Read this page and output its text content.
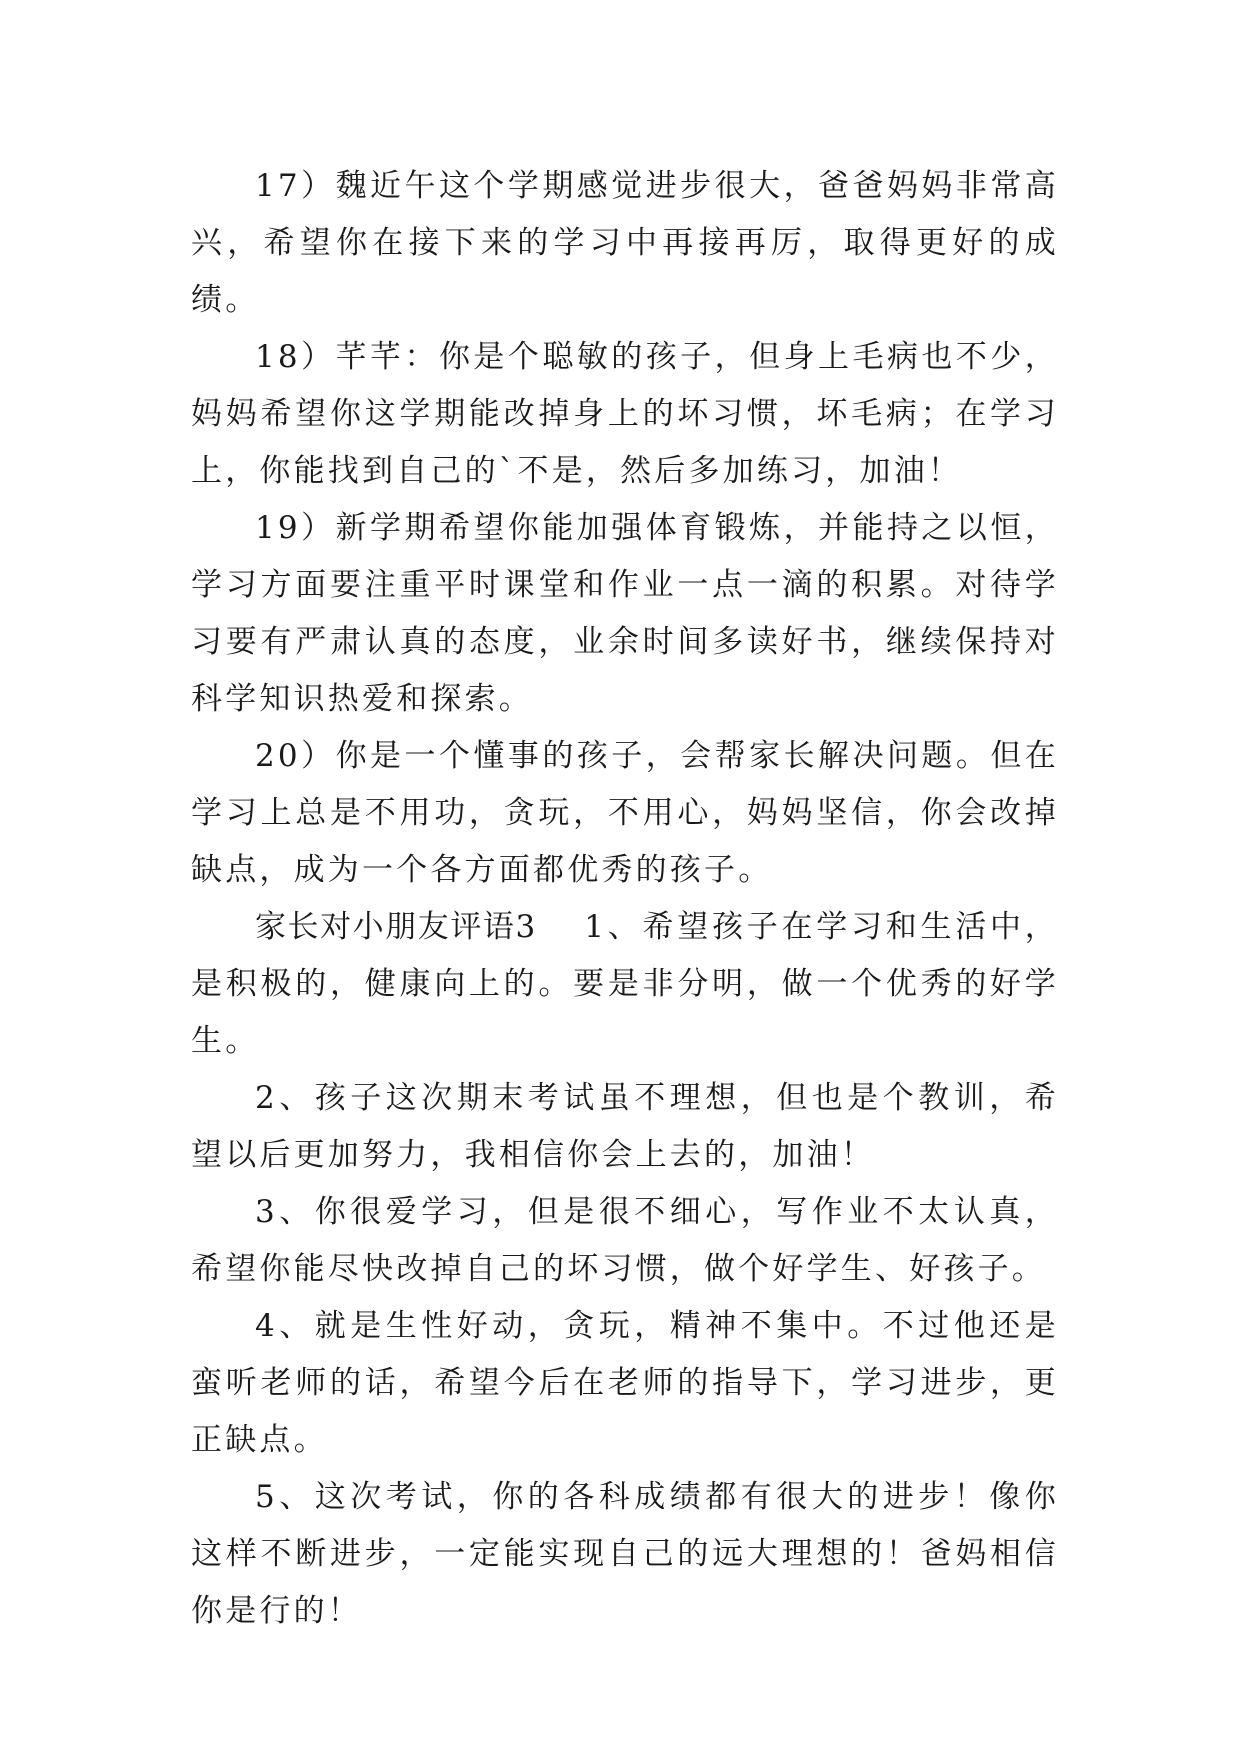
17）魏近午这个学期感觉进步很大，爸爸妈妈非常高兴，希望你在接下来的学习中再接再厉，取得更好的成绩。

18）芊芊：你是个聪敏的孩子，但身上毛病也不少，妈妈希望你这学期能改掉身上的坏习惯，坏毛病；在学习上，你能找到自己的`不是，然后多加练习，加油！

19）新学期希望你能加强体育锻炼，并能持之以恒，学习方面要注重平时课堂和作业一点一滴的积累。对待学习要有严肃认真的态度，业余时间多读好书，继续保持对科学知识热爱和探索。

20）你是一个懂事的孩子，会帮家长解决问题。但在学习上总是不用功，贪玩，不用心，妈妈坚信，你会改掉缺点，成为一个各方面都优秀的孩子。

家长对小朋友评语3 1、希望孩子在学习和生活中，是积极的，健康向上的。要是非分明，做一个优秀的好学生。

2、孩子这次期末考试虽不理想，但也是个教训，希望以后更加努力，我相信你会上去的，加油！

3、你很爱学习，但是很不细心，写作业不太认真，希望你能尽快改掉自己的坏习惯，做个好学生、好孩子。

4、就是生性好动，贪玩，精神不集中。不过他还是蛮听老师的话，希望今后在老师的指导下，学习进步，更正缺点。

5、这次考试，你的各科成绩都有很大的进步！像你这样不断进步，一定能实现自己的远大理想的！爸妈相信你是行的！
